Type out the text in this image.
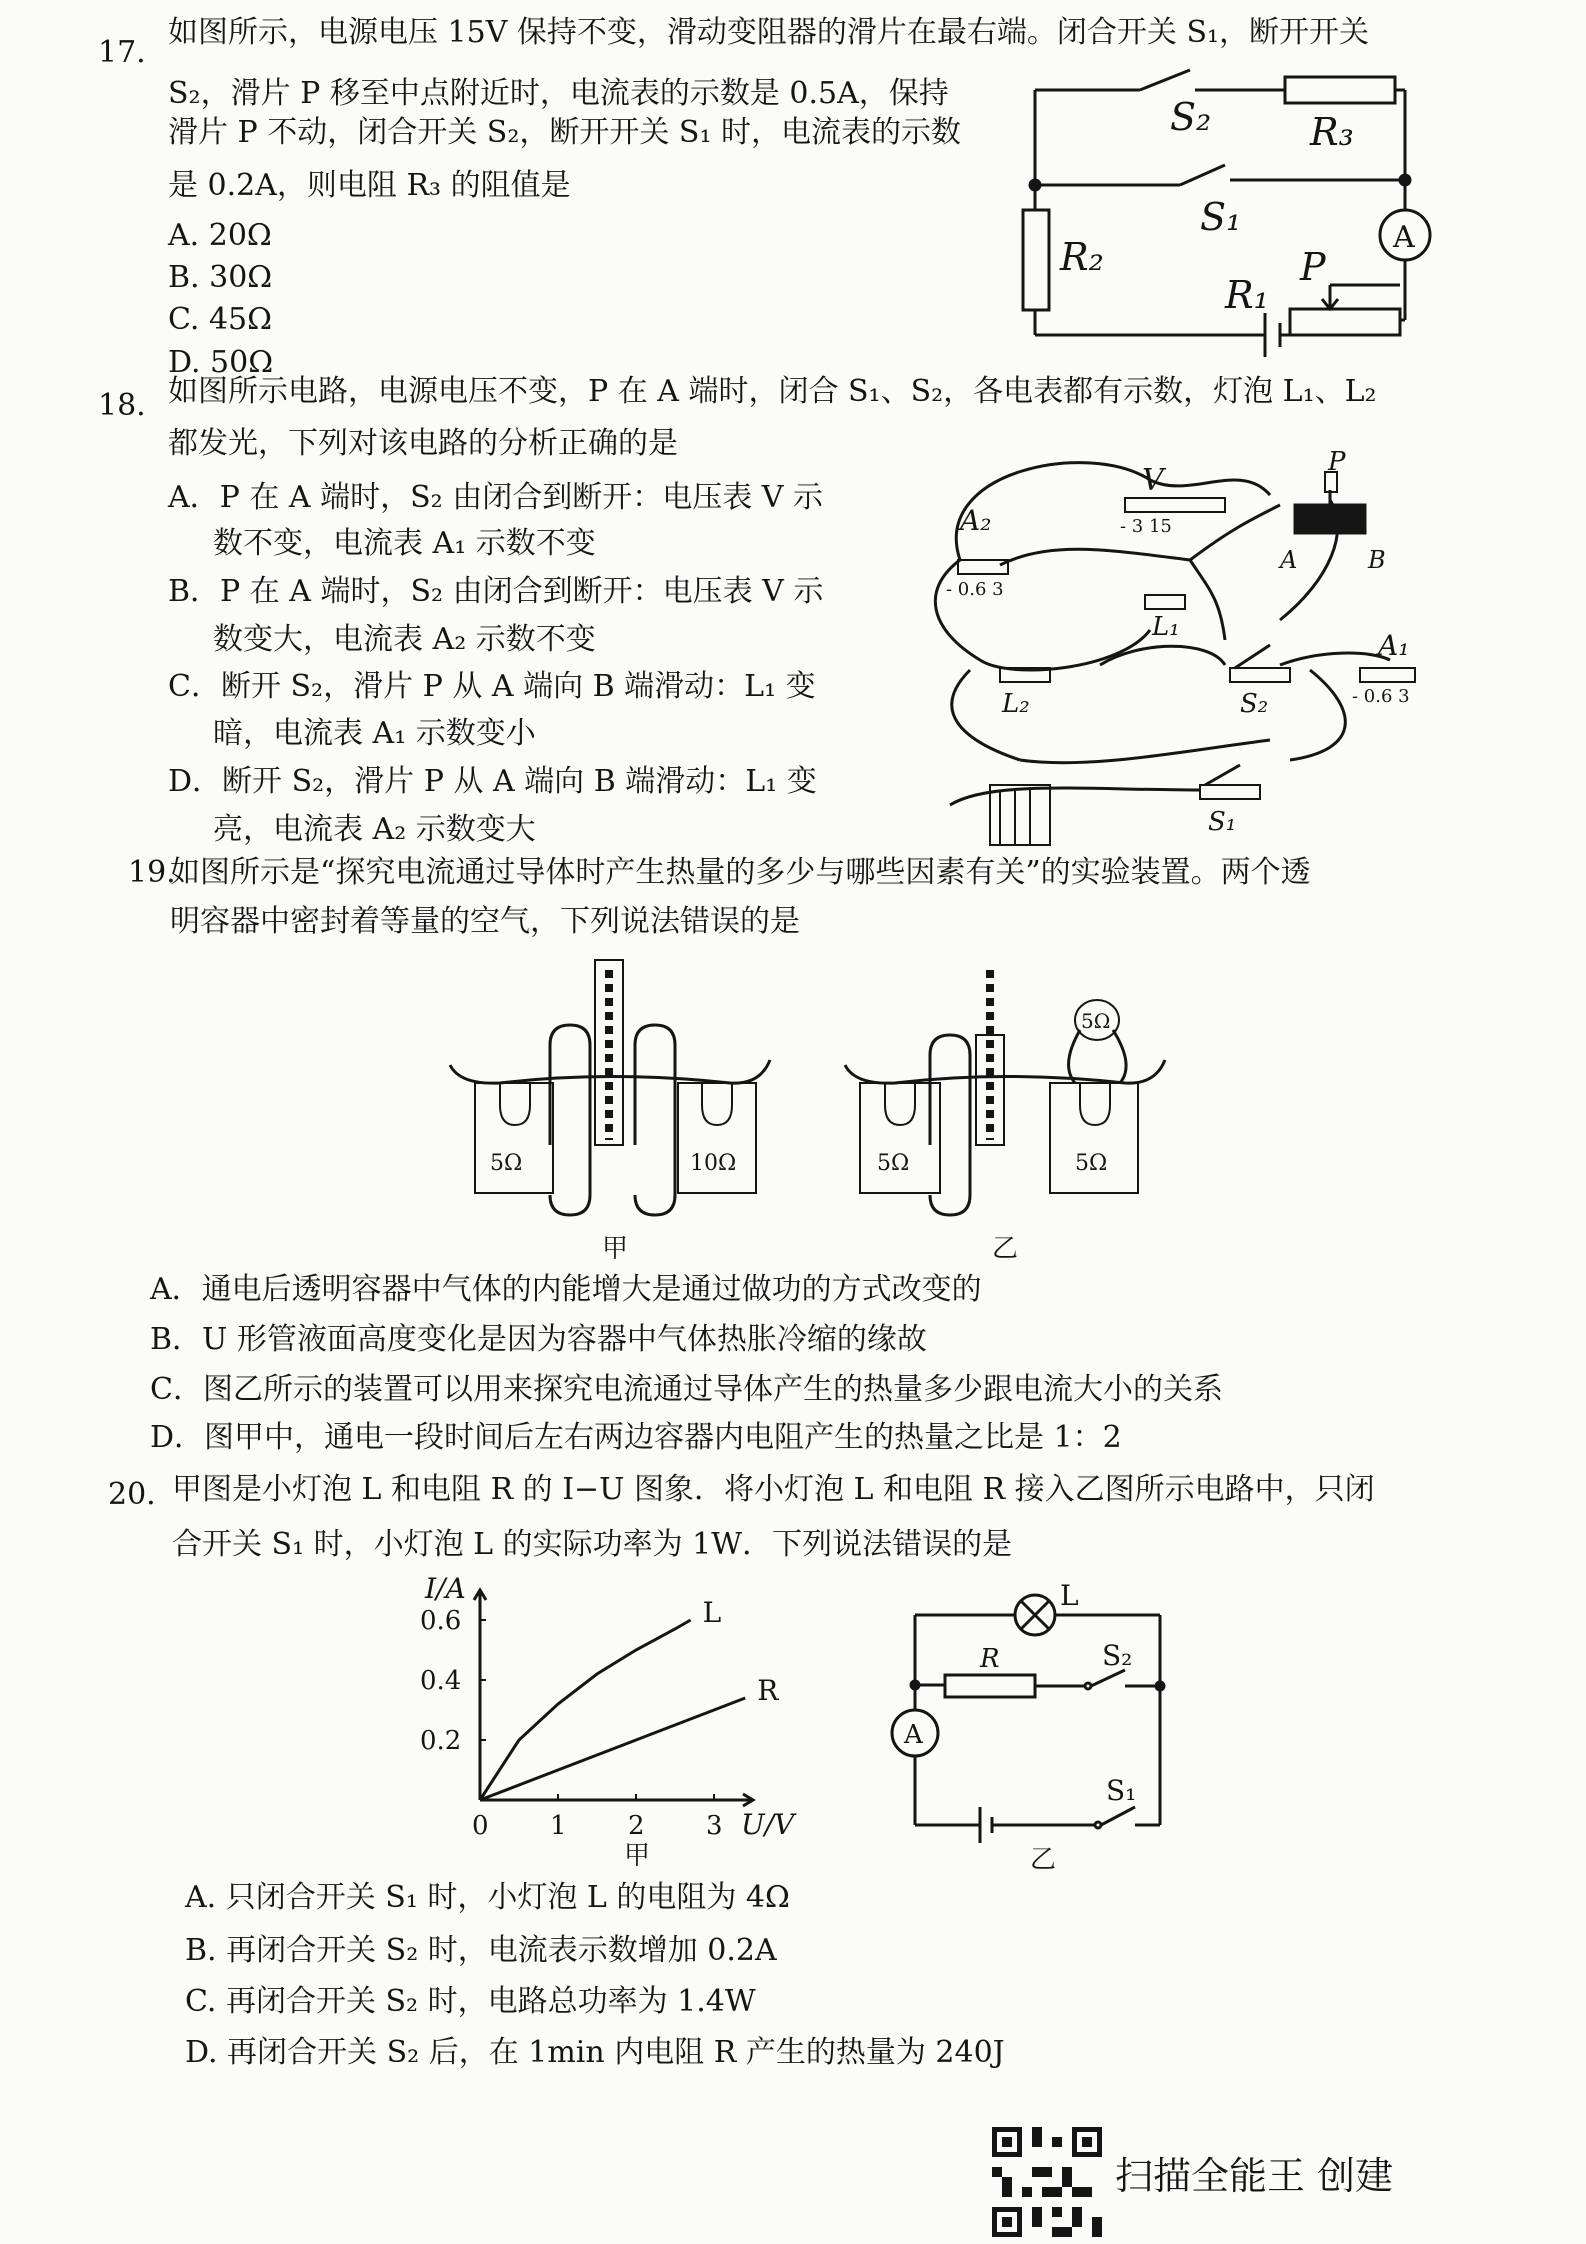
17.
如图所示，电源电压 15V 保持不变，滑动变阻器的滑片在最右端。闭合开关 S₁，断开开关
S₂，滑片 P 移至中点附近时，电流表的示数是 0.5A，保持
滑片 P 不动，闭合开关 S₂，断开开关 S₁ 时，电流表的示数
是 0.2A，则电阻 R₃ 的阻值是
A. 20Ω
B. 30Ω
C. 45Ω
D. 50Ω
S₂	R₃
S₁	A
R₂
R₁
P
18. 如图所示电路，电源电压不变，P 在 A 端时，闭合 S₁、S₂，各电表都有示数，灯泡 L₁、L₂
都发光，下列对该电路的分析正确的是
A．P 在 A 端时，S₂ 由闭合到断开：电压表 V 示
数不变，电流表 A₁ 示数不变
B．P 在 A 端时，S₂ 由闭合到断开：电压表 V 示
数变大，电流表 A₂ 示数不变
C．断开 S₂，滑片 P 从 A 端向 B 端滑动：L₁ 变
暗，电流表 A₁ 示数变小
D．断开 S₂，滑片 P 从 A 端向 B 端滑动：L₁ 变
亮，电流表 A₂ 示数变大
V
- 3 15
P
A	B
A₂
- 0.6 3
L₁
A₁
- 0.6 3
L₂	S₂
S₁
19.
如图所示是“探究电流通过导体时产生热量的多少与哪些因素有关”的实验装置。两个透
明容器中密封着等量的空气，下列说法错误的是
5Ω	10Ω
甲
5Ω
5Ω	5Ω
乙
A．通电后透明容器中气体的内能增大是通过做功的方式改变的
B．U 形管液面高度变化是因为容器中气体热胀冷缩的缘故
C．图乙所示的装置可以用来探究电流通过导体产生的热量多少跟电流大小的关系
D．图甲中，通电一段时间后左右两边容器内电阻产生的热量之比是 1：2
20. 甲图是小灯泡 L 和电阻 R 的 I−U 图象．将小灯泡 L 和电阻 R 接入乙图所示电路中，只闭
合开关 S₁ 时，小灯泡 L 的实际功率为 1W．下列说法错误的是
I/A
U/V
0 1 2 3
0.2
0.4
0.6	L
R
甲
L
R	S₂
A
S₁
乙
A. 只闭合开关 S₁ 时，小灯泡 L 的电阻为 4Ω
B. 再闭合开关 S₂ 时，电流表示数增加 0.2A
C. 再闭合开关 S₂ 时，电路总功率为 1.4W
D. 再闭合开关 S₂ 后，在 1min 内电阻 R 产生的热量为 240J
扫描全能王 创建
